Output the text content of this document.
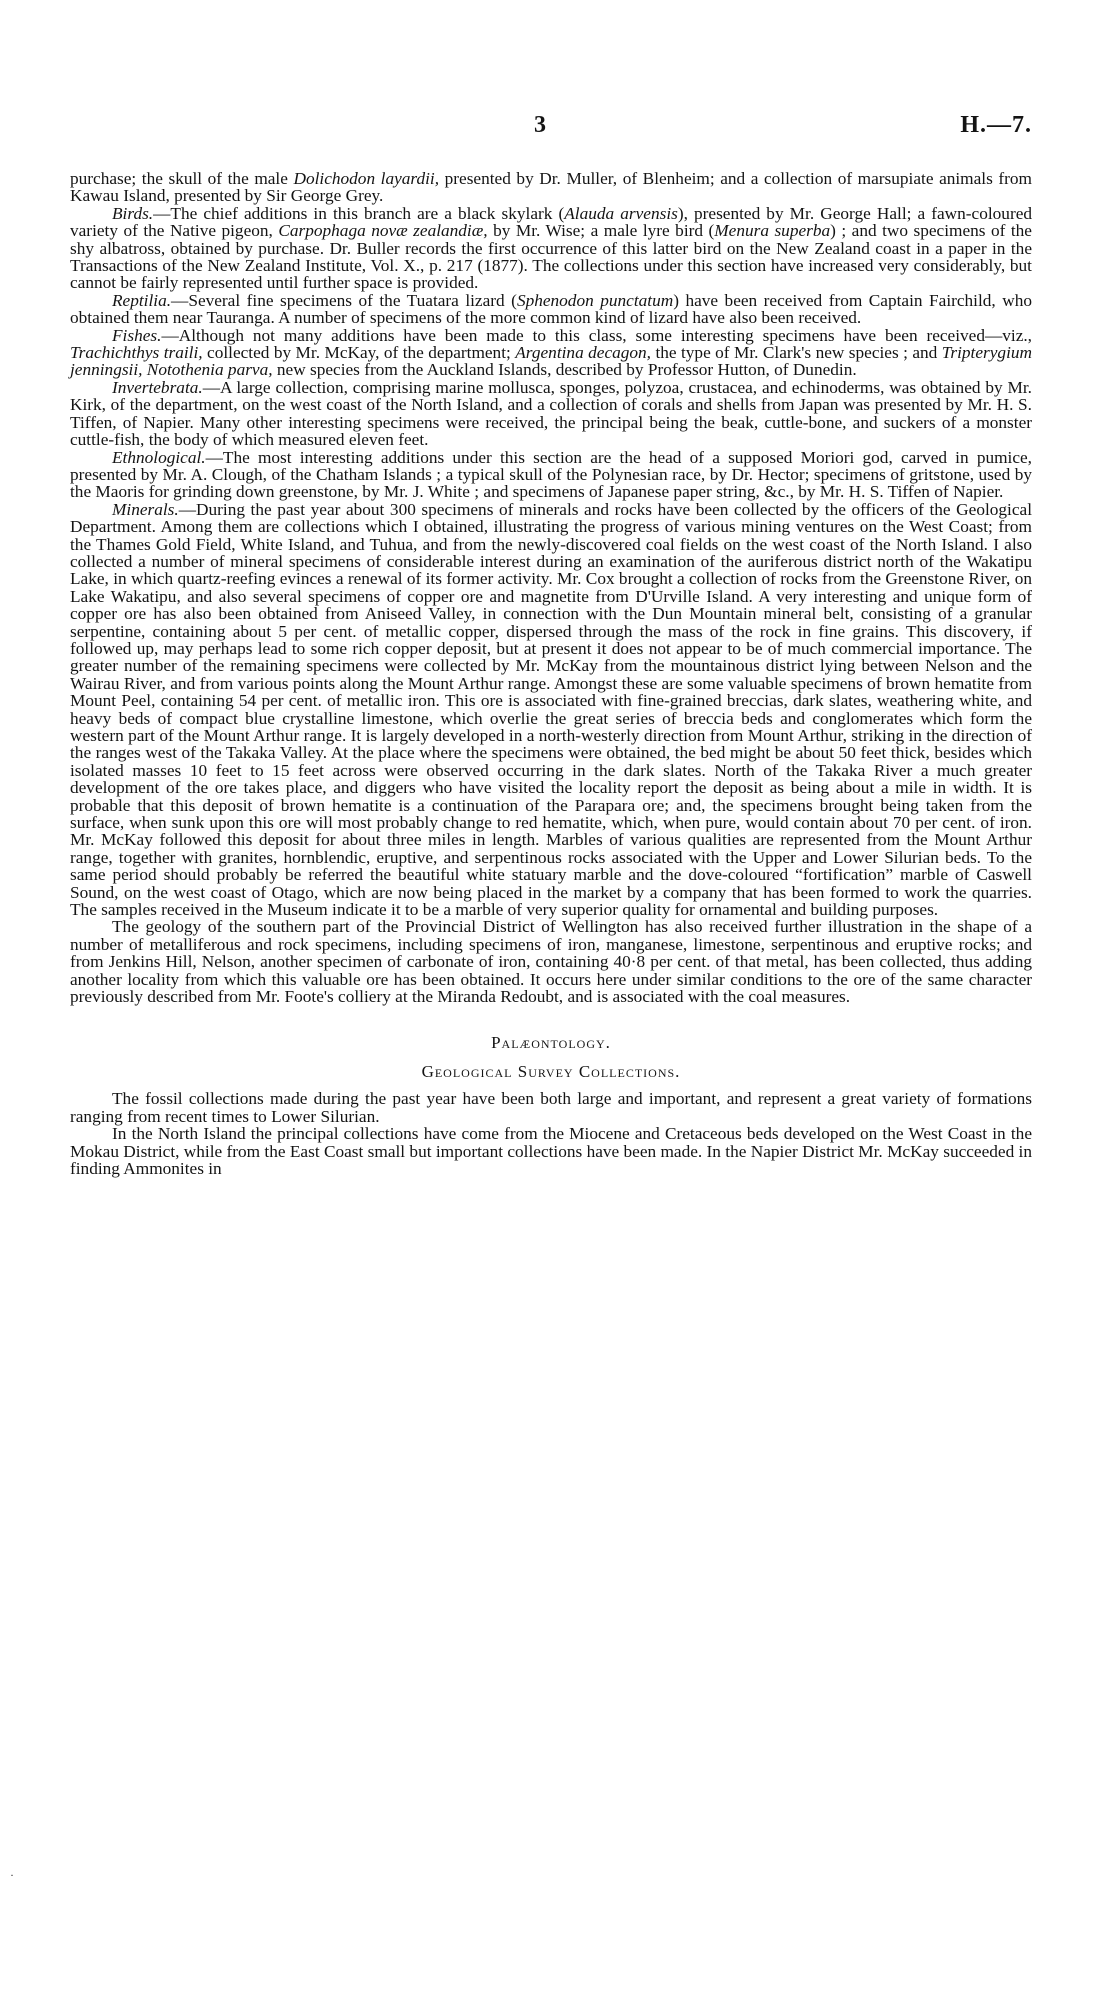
3	H.—7.

purchase; the skull of the male Dolichodon layardii, presented by Dr. Muller, of Blenheim; and a collection of marsupiate animals from Kawau Island, presented by Sir George Grey.

Birds.—The chief additions in this branch are a black skylark (Alauda arvensis), presented by Mr. George Hall; a fawn-coloured variety of the Native pigeon, Carpophaga novæ zealandiæ, by Mr. Wise; a male lyre bird (Menura superba) ; and two specimens of the shy albatross, obtained by purchase. Dr. Buller records the first occurrence of this latter bird on the New Zealand coast in a paper in the Transactions of the New Zealand Institute, Vol. X., p. 217 (1877). The collections under this section have increased very considerably, but cannot be fairly represented until further space is provided.

Reptilia.—Several fine specimens of the Tuatara lizard (Sphenodon punctatum) have been received from Captain Fairchild, who obtained them near Tauranga. A number of specimens of the more common kind of lizard have also been received.

Fishes.—Although not many additions have been made to this class, some interesting specimens have been received—viz., Trachichthys traili, collected by Mr. McKay, of the department; Argentina decagon, the type of Mr. Clark's new species ; and Tripterygium jenningsii, Notothenia parva, new species from the Auckland Islands, described by Professor Hutton, of Dunedin.

Invertebrata.—A large collection, comprising marine mollusca, sponges, polyzoa, crustacea, and echinoderms, was obtained by Mr. Kirk, of the department, on the west coast of the North Island, and a collection of corals and shells from Japan was presented by Mr. H. S. Tiffen, of Napier. Many other interesting specimens were received, the principal being the beak, cuttle-bone, and suckers of a monster cuttle-fish, the body of which measured eleven feet.

Ethnological.—The most interesting additions under this section are the head of a supposed Moriori god, carved in pumice, presented by Mr. A. Clough, of the Chatham Islands ; a typical skull of the Polynesian race, by Dr. Hector; specimens of gritstone, used by the Maoris for grinding down greenstone, by Mr. J. White ; and specimens of Japanese paper string, &c., by Mr. H. S. Tiffen of Napier.

Minerals.—During the past year about 300 specimens of minerals and rocks have been collected by the officers of the Geological Department. Among them are collections which I obtained, illustrating the progress of various mining ventures on the West Coast; from the Thames Gold Field, White Island, and Tuhua, and from the newly-discovered coal fields on the west coast of the North Island. I also collected a number of mineral specimens of considerable interest during an examination of the auriferous district north of the Wakatipu Lake, in which quartz-reefing evinces a renewal of its former activity. Mr. Cox brought a collection of rocks from the Greenstone River, on Lake Wakatipu, and also several specimens of copper ore and magnetite from D'Urville Island. A very interesting and unique form of copper ore has also been obtained from Aniseed Valley, in connection with the Dun Mountain mineral belt, consisting of a granular serpentine, containing about 5 per cent. of metallic copper, dispersed through the mass of the rock in fine grains. This discovery, if followed up, may perhaps lead to some rich copper deposit, but at present it does not appear to be of much commercial importance. The greater number of the remaining specimens were collected by Mr. McKay from the mountainous district lying between Nelson and the Wairau River, and from various points along the Mount Arthur range. Amongst these are some valuable specimens of brown hematite from Mount Peel, containing 54 per cent. of metallic iron. This ore is associated with fine-grained breccias, dark slates, weathering white, and heavy beds of compact blue crystalline limestone, which overlie the great series of breccia beds and conglomerates which form the western part of the Mount Arthur range. It is largely developed in a north-westerly direction from Mount Arthur, striking in the direction of the ranges west of the Takaka Valley. At the place where the specimens were obtained, the bed might be about 50 feet thick, besides which isolated masses 10 feet to 15 feet across were observed occurring in the dark slates. North of the Takaka River a much greater development of the ore takes place, and diggers who have visited the locality report the deposit as being about a mile in width. It is probable that this deposit of brown hematite is a continuation of the Parapara ore; and, the specimens brought being taken from the surface, when sunk upon this ore will most probably change to red hematite, which, when pure, would contain about 70 per cent. of iron. Mr. McKay followed this deposit for about three miles in length. Marbles of various qualities are represented from the Mount Arthur range, together with granites, hornblendic, eruptive, and serpentinous rocks associated with the Upper and Lower Silurian beds. To the same period should probably be referred the beautiful white statuary marble and the dove-coloured “fortification” marble of Caswell Sound, on the west coast of Otago, which are now being placed in the market by a company that has been formed to work the quarries. The samples received in the Museum indicate it to be a marble of very superior quality for ornamental and building purposes.

The geology of the southern part of the Provincial District of Wellington has also received further illustration in the shape of a number of metalliferous and rock specimens, including specimens of iron, manganese, limestone, serpentinous and eruptive rocks; and from Jenkins Hill, Nelson, another specimen of carbonate of iron, containing 40·8 per cent. of that metal, has been collected, thus adding another locality from which this valuable ore has been obtained. It occurs here under similar conditions to the ore of the same character previously described from Mr. Foote's colliery at the Miranda Redoubt, and is associated with the coal measures.

Palæontology.

Geological Survey Collections.

The fossil collections made during the past year have been both large and important, and represent a great variety of formations ranging from recent times to Lower Silurian.

In the North Island the principal collections have come from the Miocene and Cretaceous beds developed on the West Coast in the Mokau District, while from the East Coast small but important collections have been made. In the Napier District Mr. McKay succeeded in finding Ammonites in

·
